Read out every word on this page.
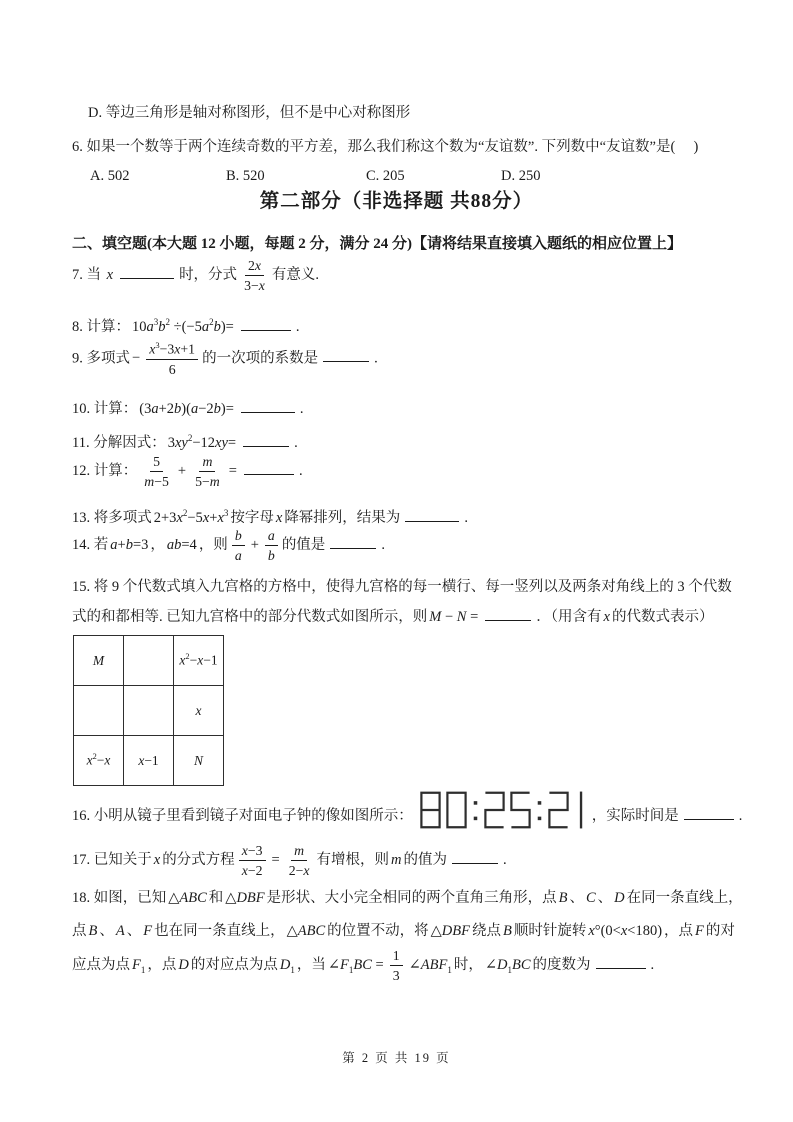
D. 等边三角形是轴对称图形，但不是中心对称图形
6. 如果一个数等于两个连续奇数的平方差，那么我们称这个数为“友谊数”. 下列数中“友谊数”是(　 )
A. 502	B. 520	C. 205	D. 250
第二部分（非选择题 共88分）
二、填空题(本大题 12 小题，每题 2 分，满分 24 分)【请将结果直接填入题纸的相应位置上】
7. 当 x	时，分式 $\frac{2x}{3-x}$ 有意义.
8. 计算： $10a^3b^2 \div(-5a^2b)=$	.
9. 多项式 − $\frac{x^3-3x+1}{6}$ 的一次项的系数是	.
10. 计算： (3a+2b)(a−2b)=	.
11. 分解因式： $3xy^2-12xy=$	.
12. 计算： $\frac{5}{m-5} + \frac{m}{5-m}$ =	.
13. 将多项式 $2+3x^2-5x+x^3$ 按字母 x 降幂排列，结果为	.
14. 若 a+b=3 ， ab=4 ，则 $\frac{b}{a} + \frac{a}{b}$ 的值是	.
15. 将 9 个代数式填入九宫格的方格中，使得九宫格的每一横行、每一竖列以及两条对角线上的 3 个代数式的和都相等. 已知九宫格中的部分代数式如图所示，则 M − N =	．（用含有 x 的代数式表示）
M		$x^2-x-1$
		x
$x^2-x$	x−1	N
16. 小明从镜子里看到镜子对面电子钟的像如图所示：	，实际时间是	.
17. 已知关于 x 的分式方程 $\frac{x-3}{x-2} = \frac{m}{2-x}$ 有增根，则 m 的值为	.
18. 如图，已知 △ABC 和 △DBF 是形状、大小完全相同的两个直角三角形，点 B 、 C 、 D 在同一条直线上，点 B 、 A 、 F 也在同一条直线上， △ABC 的位置不动，将 △DBF 绕点 B 顺时针旋转 x°(0<x<180) ，点 F 的对应点为点 $F_1$ ，点 D 的对应点为点 $D_1$ ，当 $\angle F_1BC = \frac{1}{3}$ $\angle ABF_1$ 时， $\angle D_1BC$ 的度数为	.
第 2 页 共 19 页
